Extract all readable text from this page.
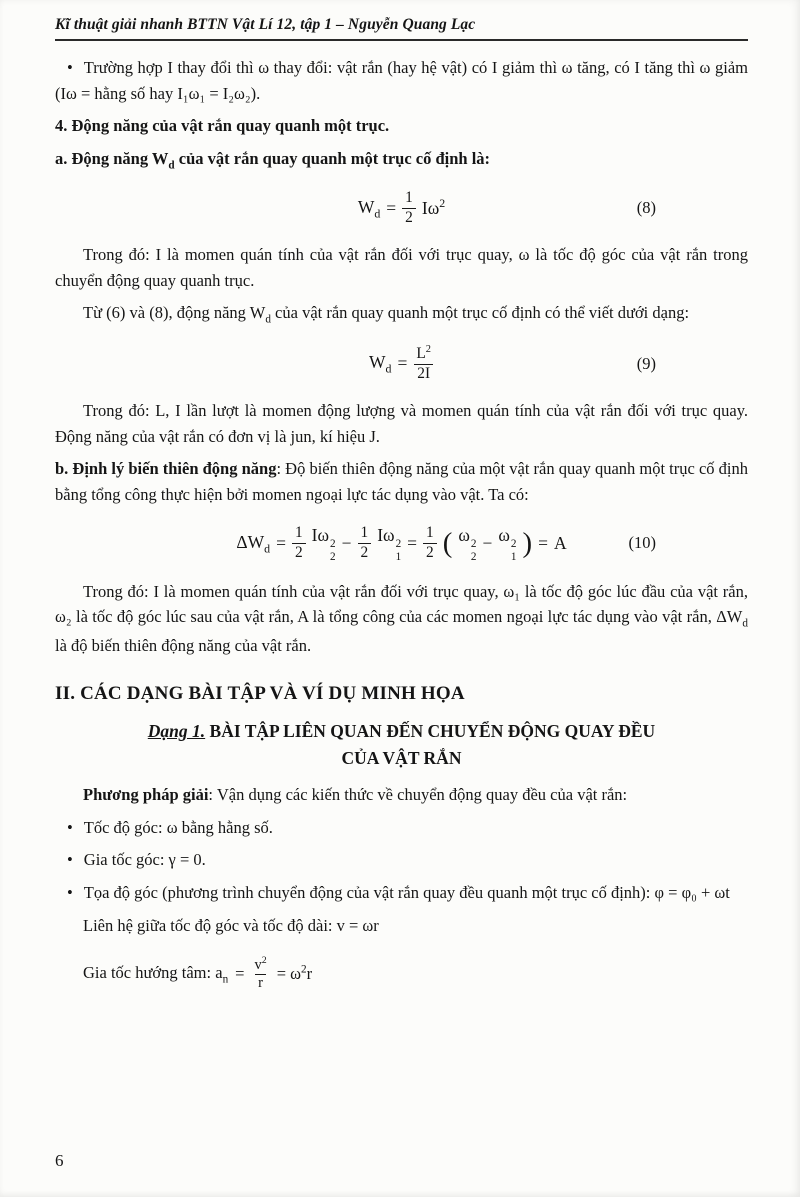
Kĩ thuật giải nhanh BTTN Vật Lí 12, tập 1 – Nguyễn Quang Lạc

• Trường hợp I thay đổi thì ω thay đổi: vật rắn (hay hệ vật) có I giảm thì ω tăng, có I tăng thì ω giảm (Iω = hằng số hay I₁ω₁ = I₂ω₂).

4. Động năng của vật rắn quay quanh một trục.

a. Động năng $W_d$ của vật rắn quay quanh một trục cố định là:

$W_d = \frac{1}{2} I\omega^2$	(8)

Trong đó: I là momen quán tính của vật rắn đối với trục quay, ω là tốc độ góc của vật rắn trong chuyển động quay quanh trục.

Từ (6) và (8), động năng $W_d$ của vật rắn quay quanh một trục cố định có thể viết dưới dạng:

$W_d = \frac{L^2}{2I}$	(9)

Trong đó: L, I lần lượt là momen động lượng và momen quán tính của vật rắn đối với trục quay. Động năng của vật rắn có đơn vị là jun, kí hiệu J.

b. Định lý biến thiên động năng: Độ biến thiên động năng của một vật rắn quay quanh một trục cố định bằng tổng công thực hiện bởi momen ngoại lực tác dụng vào vật. Ta có:

$\Delta W_d = \frac{1}{2}$ Iω 2
2
− $\frac{1}{2}$ Iω 2
1
= $\frac{1}{2}$ ( ω 2
2
− ω 2
1 ) = A	(10)

Trong đó: I là momen quán tính của vật rắn đối với trục quay, ω₁ là tốc độ góc lúc đầu của vật rắn, ω₂ là tốc độ góc lúc sau của vật rắn, A là tổng công của các momen ngoại lực tác dụng vào vật rắn, $\Delta W_d$ là độ biến thiên động năng của vật rắn.

II. CÁC DẠNG BÀI TẬP VÀ VÍ DỤ MINH HỌA
Dạng 1. BÀI TẬP LIÊN QUAN ĐẾN CHUYỂN ĐỘNG QUAY ĐỀU
CỦA VẬT RẮN

Phương pháp giải: Vận dụng các kiến thức về chuyển động quay đều của vật rắn:

• Tốc độ góc: ω bằng hằng số.

• Gia tốc góc: γ = 0.

• Tọa độ góc (phương trình chuyển động của vật rắn quay đều quanh một trục cố định): φ = φ₀ + ωt

Liên hệ giữa tốc độ góc và tốc độ dài: v = ωr

Gia tốc hướng tâm: $a_n = \frac{v^2}{r} = \omega^2r$
6
